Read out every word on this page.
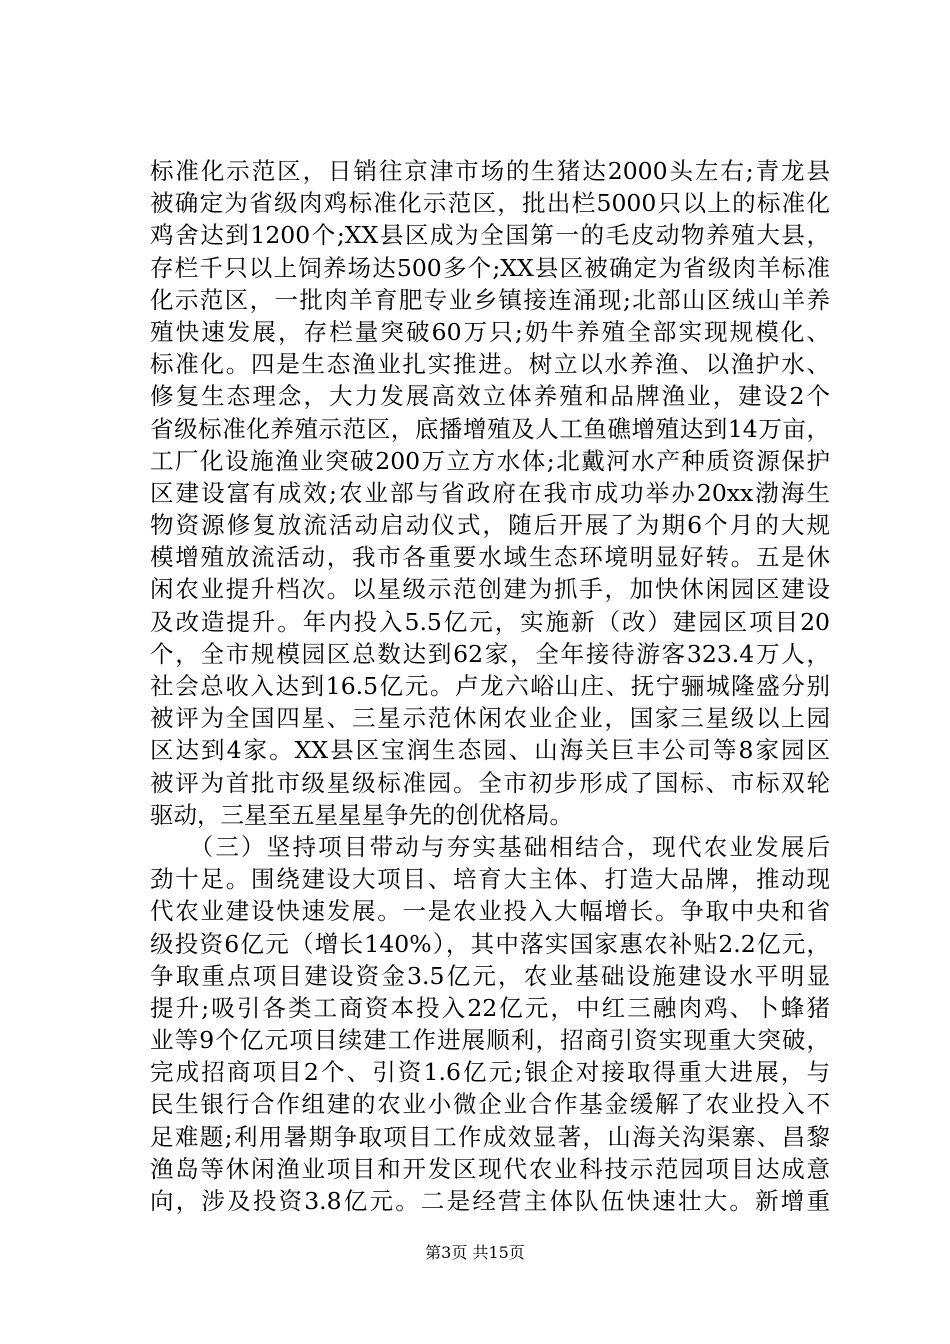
标准化示范区，日销往京津市场的生猪达2000头左右;青龙县
被确定为省级肉鸡标准化示范区，批出栏5000只以上的标准化
鸡舍达到1200个;XX县区成为全国第一的毛皮动物养殖大县，
存栏千只以上饲养场达500多个;XX县区被确定为省级肉羊标准
化示范区，一批肉羊育肥专业乡镇接连涌现;北部山区绒山羊养
殖快速发展，存栏量突破60万只;奶牛养殖全部实现规模化、
标准化。四是生态渔业扎实推进。树立以水养渔、以渔护水、
修复生态理念，大力发展高效立体养殖和品牌渔业，建设2个
省级标准化养殖示范区，底播增殖及人工鱼礁增殖达到14万亩，
工厂化设施渔业突破200万立方水体;北戴河水产种质资源保护
区建设富有成效;农业部与省政府在我市成功举办20xx渤海生
物资源修复放流活动启动仪式，随后开展了为期6个月的大规
模增殖放流活动，我市各重要水域生态环境明显好转。五是休
闲农业提升档次。以星级示范创建为抓手，加快休闲园区建设
及改造提升。年内投入5.5亿元，实施新（改）建园区项目20
个，全市规模园区总数达到62家，全年接待游客323.4万人，
社会总收入达到16.5亿元。卢龙六峪山庄、抚宁骊城隆盛分别
被评为全国四星、三星示范休闲农业企业，国家三星级以上园
区达到4家。XX县区宝润生态园、山海关巨丰公司等8家园区
被评为首批市级星级标准园。全市初步形成了国标、市标双轮
驱动，三星至五星星星争先的创优格局。
　　（三）坚持项目带动与夯实基础相结合，现代农业发展后
劲十足。围绕建设大项目、培育大主体、打造大品牌，推动现
代农业建设快速发展。一是农业投入大幅增长。争取中央和省
级投资6亿元（增长140%），其中落实国家惠农补贴2.2亿元，
争取重点项目建设资金3.5亿元，农业基础设施建设水平明显
提升;吸引各类工商资本投入22亿元，中红三融肉鸡、卜蜂猪
业等9个亿元项目续建工作进展顺利，招商引资实现重大突破，
完成招商项目2个、引资1.6亿元;银企对接取得重大进展，与
民生银行合作组建的农业小微企业合作基金缓解了农业投入不
足难题;利用暑期争取项目工作成效显著，山海关沟渠寨、昌黎
渔岛等休闲渔业项目和开发区现代农业科技示范园项目达成意
向，涉及投资3.8亿元。二是经营主体队伍快速壮大。新增重
第3页 共15页
